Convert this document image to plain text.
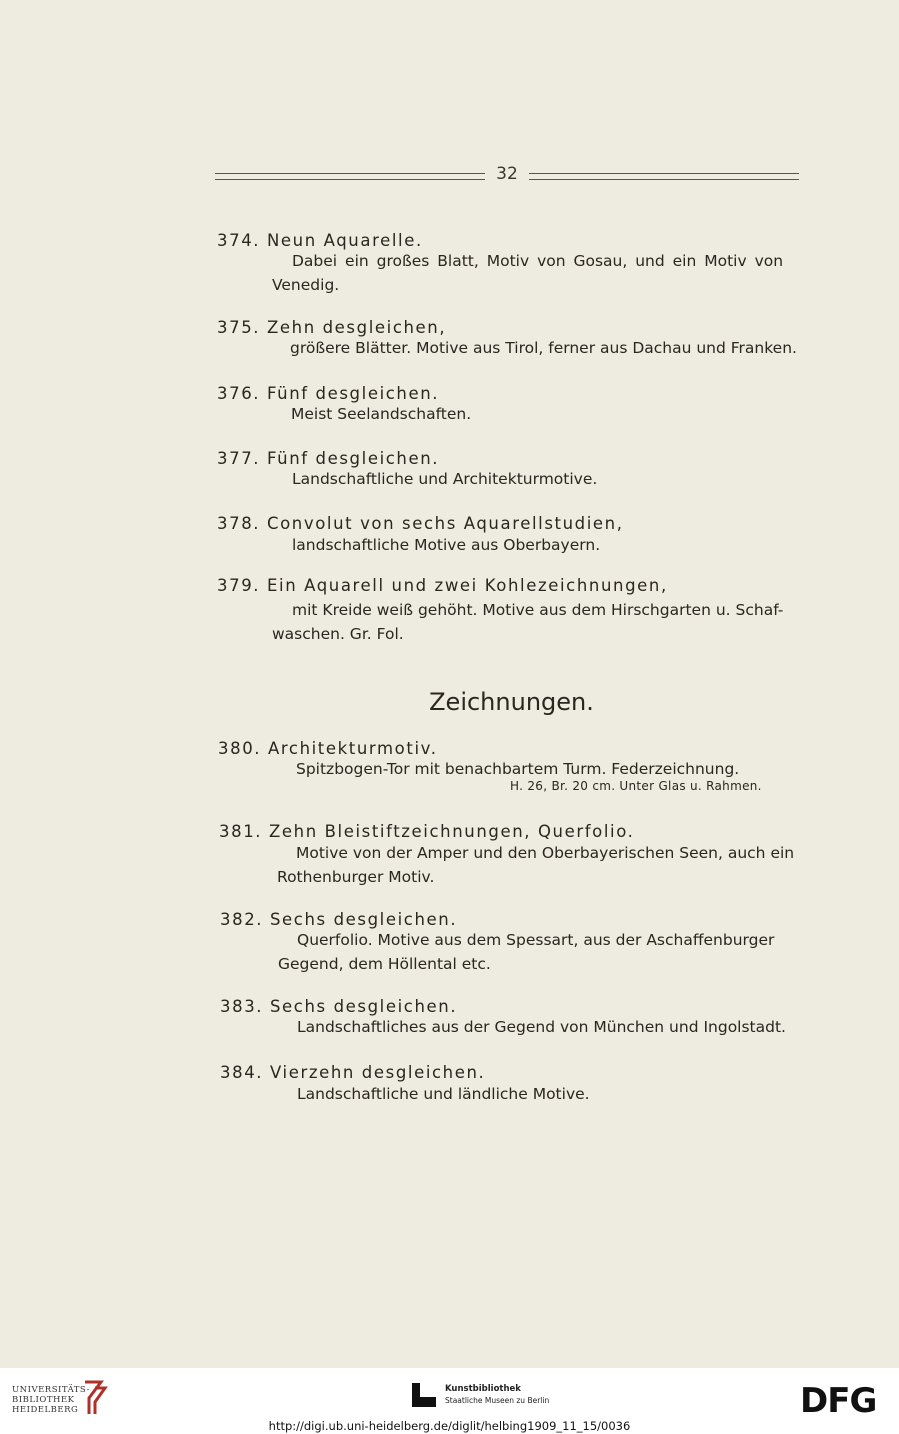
32
374. Neun Aquarelle.
Dabei ein großes Blatt, Motiv von Gosau, und ein Motiv von
Venedig.
375. Zehn desgleichen,
größere Blätter. Motive aus Tirol, ferner aus Dachau und Franken.
376. Fünf desgleichen.
Meist Seelandschaften.
377. Fünf desgleichen.
Landschaftliche und Architekturmotive.
378. Convolut von sechs Aquarellstudien,
landschaftliche Motive aus Oberbayern.
379. Ein Aquarell und zwei Kohlezeichnungen,
mit Kreide weiß gehöht. Motive aus dem Hirschgarten u. Schaf-
waschen. Gr. Fol.
Zeichnungen.
380. Architekturmotiv.
Spitzbogen-Tor mit benachbartem Turm. Federzeichnung.
H. 26, Br. 20 cm. Unter Glas u. Rahmen.
381. Zehn Bleistiftzeichnungen, Querfolio.
Motive von der Amper und den Oberbayerischen Seen, auch ein
Rothenburger Motiv.
382. Sechs desgleichen.
Querfolio. Motive aus dem Spessart, aus der Aschaffenburger
Gegend, dem Höllental etc.
383. Sechs desgleichen.
Landschaftliches aus der Gegend von München und Ingolstadt.
384. Vierzehn desgleichen.
Landschaftliche und ländliche Motive.
UNIVERSITÄTS-
BIBLIOTHEK
HEIDELBERG
Kunstbibliothek
Staatliche Museen zu Berlin	DFG
http://digi.ub.uni-heidelberg.de/diglit/helbing1909_11_15/0036
